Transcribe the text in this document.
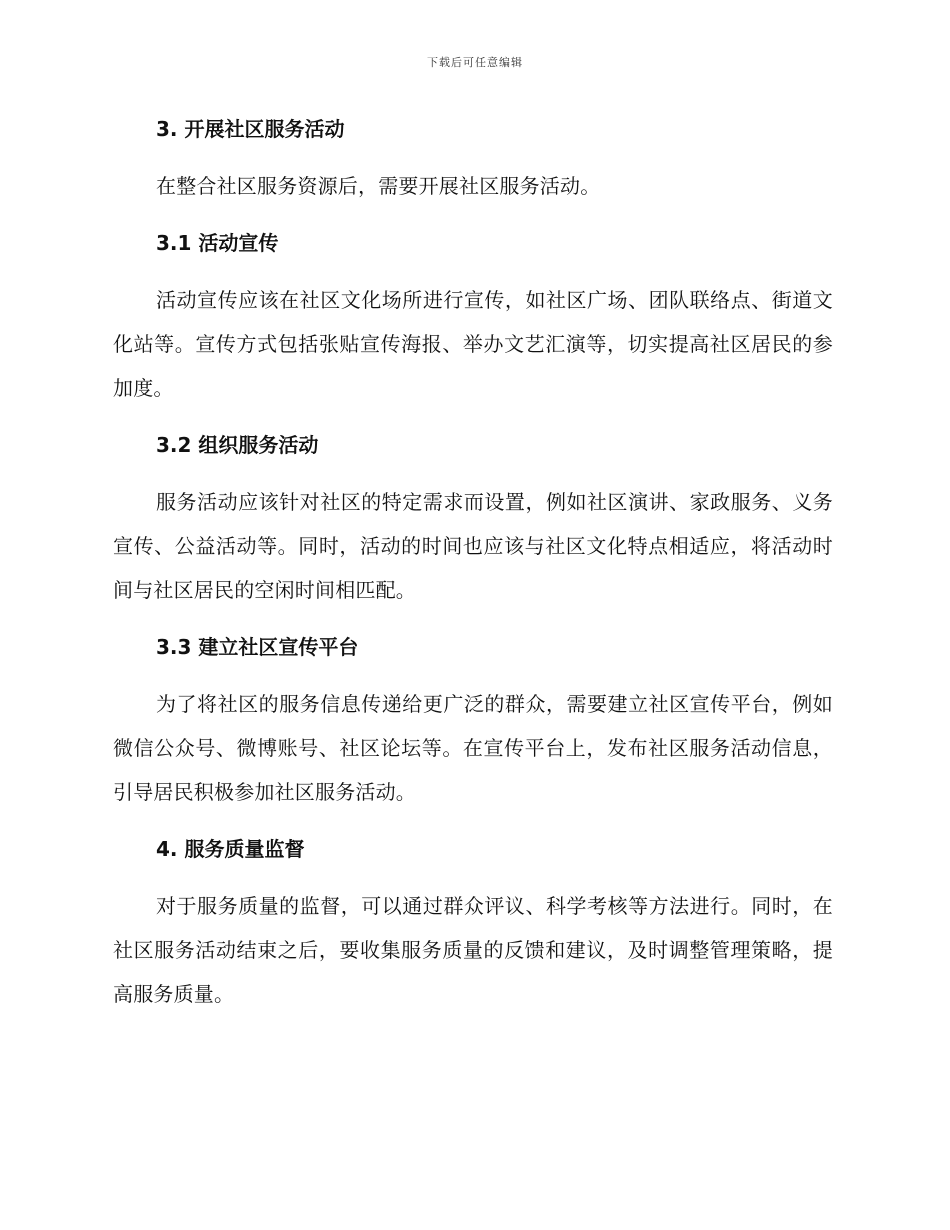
下载后可任意编辑
3. 开展社区服务活动

在整合社区服务资源后，需要开展社区服务活动。

3.1 活动宣传

活动宣传应该在社区文化场所进行宣传，如社区广场、团队联络点、街道文化站等。宣传方式包括张贴宣传海报、举办文艺汇演等，切实提高社区居民的参加度。

3.2 组织服务活动

服务活动应该针对社区的特定需求而设置，例如社区演讲、家政服务、义务宣传、公益活动等。同时，活动的时间也应该与社区文化特点相适应，将活动时间与社区居民的空闲时间相匹配。

3.3 建立社区宣传平台

为了将社区的服务信息传递给更广泛的群众，需要建立社区宣传平台，例如微信公众号、微博账号、社区论坛等。在宣传平台上，发布社区服务活动信息，引导居民积极参加社区服务活动。

4. 服务质量监督

对于服务质量的监督，可以通过群众评议、科学考核等方法进行。同时，在社区服务活动结束之后，要收集服务质量的反馈和建议，及时调整管理策略，提高服务质量。
